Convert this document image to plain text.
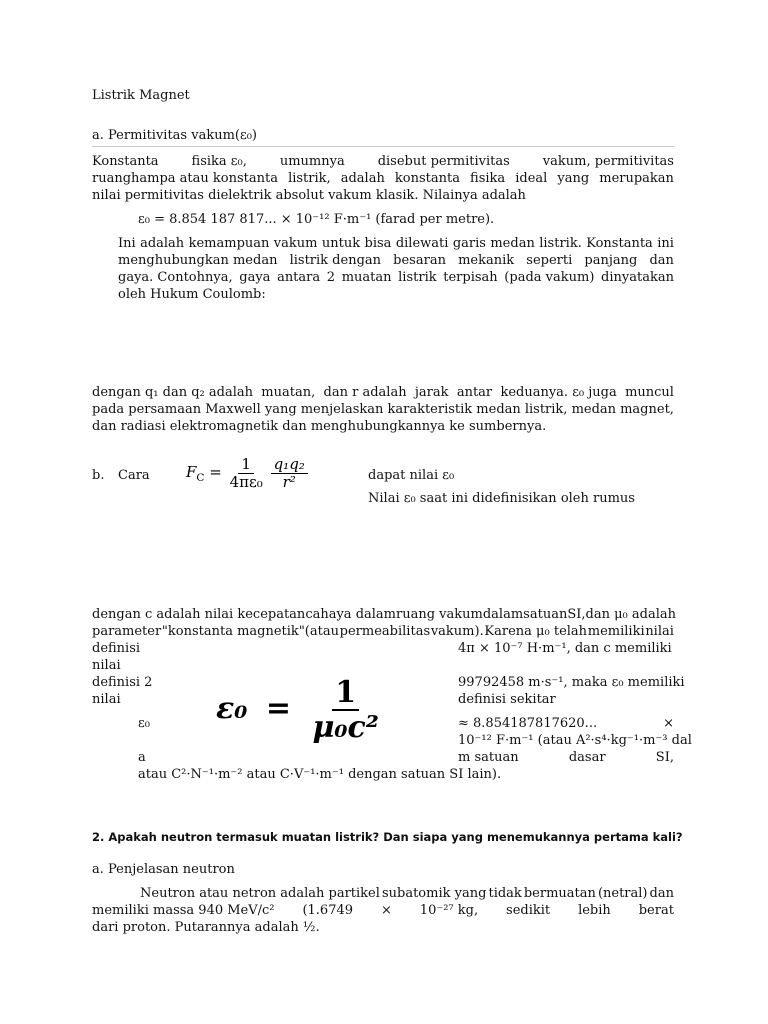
Listrik Magnet
a. Permitivitas vakum(ε₀)
Konstanta	fisika ε₀,	umumnya	disebut permitivitas	vakum, permitivitas
ruanghampa atau konstanta listrik, adalah konstanta fisika ideal yang merupakan
nilai permitivitas dielektrik absolut vakum klasik. Nilainya adalah
ε₀ = 8.854 187 817... × 10⁻¹² F·m⁻¹ (farad per metre).
Ini adalah kemampuan vakum untuk bisa dilewati garis medan listrik. Konstanta ini
menghubungkan medan listrik dengan besaran mekanik seperti panjang dan
gaya. Contohnya, gaya antara 2 muatan listrik terpisah (pada vakum) dinyatakan
oleh Hukum Coulomb:
dengan q₁ dan q₂ adalah muatan, dan r adalah jarak antar keduanya. ε₀ juga muncul
pada persamaan Maxwell yang menjelaskan karakteristik medan listrik, medan magnet,
dan radiasi elektromagnetik dan menghubungkannya ke sumbernya.
b. Cara $F_C = \frac{1}{\text{4πε₀}}$
$\frac{\text{q₁q₂}}{\text{r²}}$	dapat nilai ε₀
Nilai ε₀ saat ini didefinisikan oleh rumus
dengan c adalah nilai kecepatan cahaya dalam ruang vakum dalam satuan SI, dan μ₀ adalah
parameter "konstanta magnetik"(atau permeabilitas vakum). Karena μ₀ telah memiliki nilai
definisi
nilai
definisi 2
nilai
ε₀
a
$\varepsilon_0 = \frac{1}{\text{μ₀c²}}$
4π × 10⁻⁷ H·m⁻¹, dan c memiliki
99792458 m·s⁻¹, maka ε₀ memiliki
definisi sekitar
≈ 8.854187817620...	×
10⁻¹² F·m⁻¹ (atau A²·s⁴·kg⁻¹·m⁻³ dal
m satuan	dasar	SI,
atau C²·N⁻¹·m⁻² atau C·V⁻¹·m⁻¹ dengan satuan SI lain).
2. Apakah neutron termasuk muatan listrik? Dan siapa yang menemukannya pertama kali?
a. Penjelasan neutron
Neutron atau netron adalah partikel subatomik yang tidak bermuatan (netral) dan
memiliki massa 940 MeV/c² (1.6749 × 10⁻²⁷ kg, sedikit lebih berat
dari proton. Putarannya adalah ½.
